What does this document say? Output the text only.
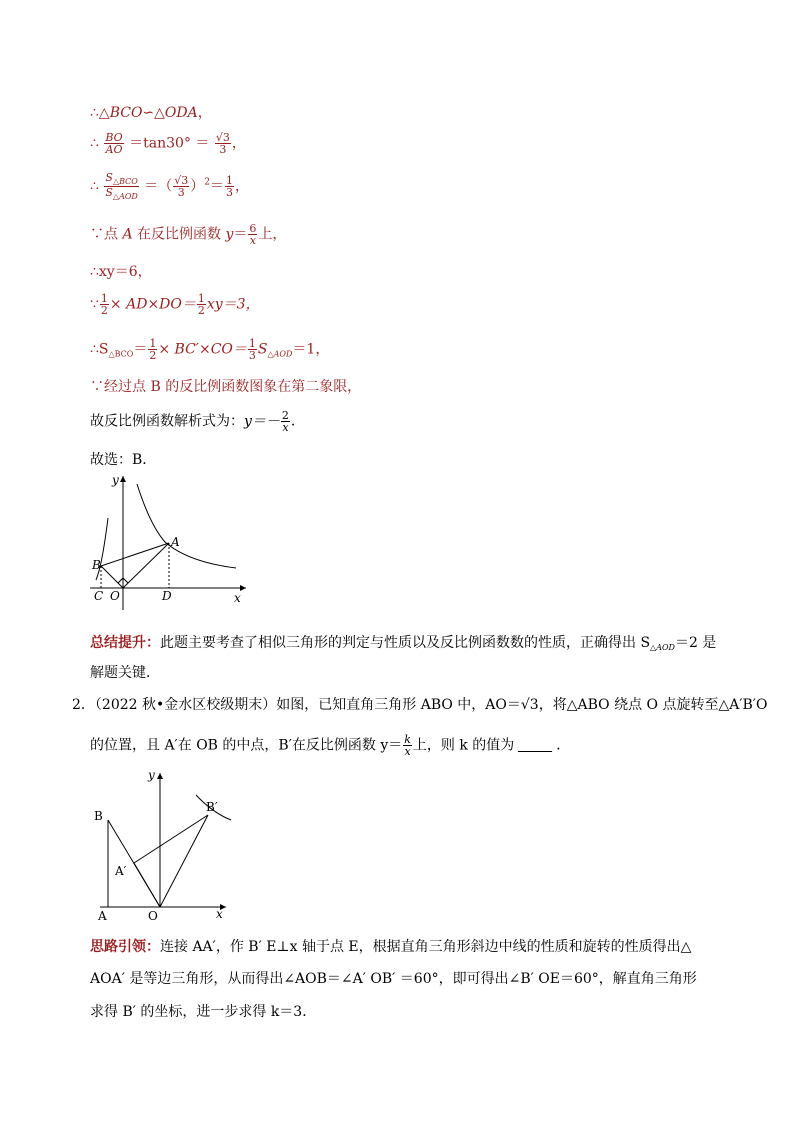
∴△BCO∽△ODA，
∴ $\frac{BO}{AO} =\tan 30^\circ = \frac{√3}{3}$ ，
∴ $\frac{S_{\triangle BCO}}{S_{\triangle AOD}}$ ＝（ $\frac{√3}{3} )^2= \frac{1}{3}$ ，
∵点 A 在反比例函数 $y= \frac{6}{x}$ 上，
∴xy＝6，
∵ $\frac{1}{2} \times AD\times DO= \frac{1}{2} xy=3$，
$\therefore S_{\triangle BCO}= \frac{1}{2} \times BC'\times CO= \frac{1}{3} S_{\triangle AOD}=1$，
∵经过点 B 的反比例函数图象在第二象限，
故反比例函数解析式为：$y=- \frac{2}{x}$ .
故选：B．
y
x
A
B
C O	D
总结提升：此题主要考查了相似三角形的判定与性质以及反比例函数数的性质，正确得出 $S_{\triangle AOD}=2$ 是
解题关键．
2．（2022 秋•金水区校级期末）如图，已知直角三角形 ABO 中，AO＝√3，将△ABO 绕点 O 点旋转至△A′B′O
的位置，且 A′在 OB 的中点，B′在反比例函数 $y= \frac{k}{x}$ 上，则 k 的值为	．
y
x
B
A	O
A′
B′
思路引领：连接 AA′，作 B′ E⊥x 轴于点 E，根据直角三角形斜边中线的性质和旋转的性质得出△
AOA′ 是等边三角形，从而得出∠AOB＝∠A′ OB′ ＝60°，即可得出∠B′ OE＝60°，解直角三角形
求得 B′ 的坐标，进一步求得 k＝3．
